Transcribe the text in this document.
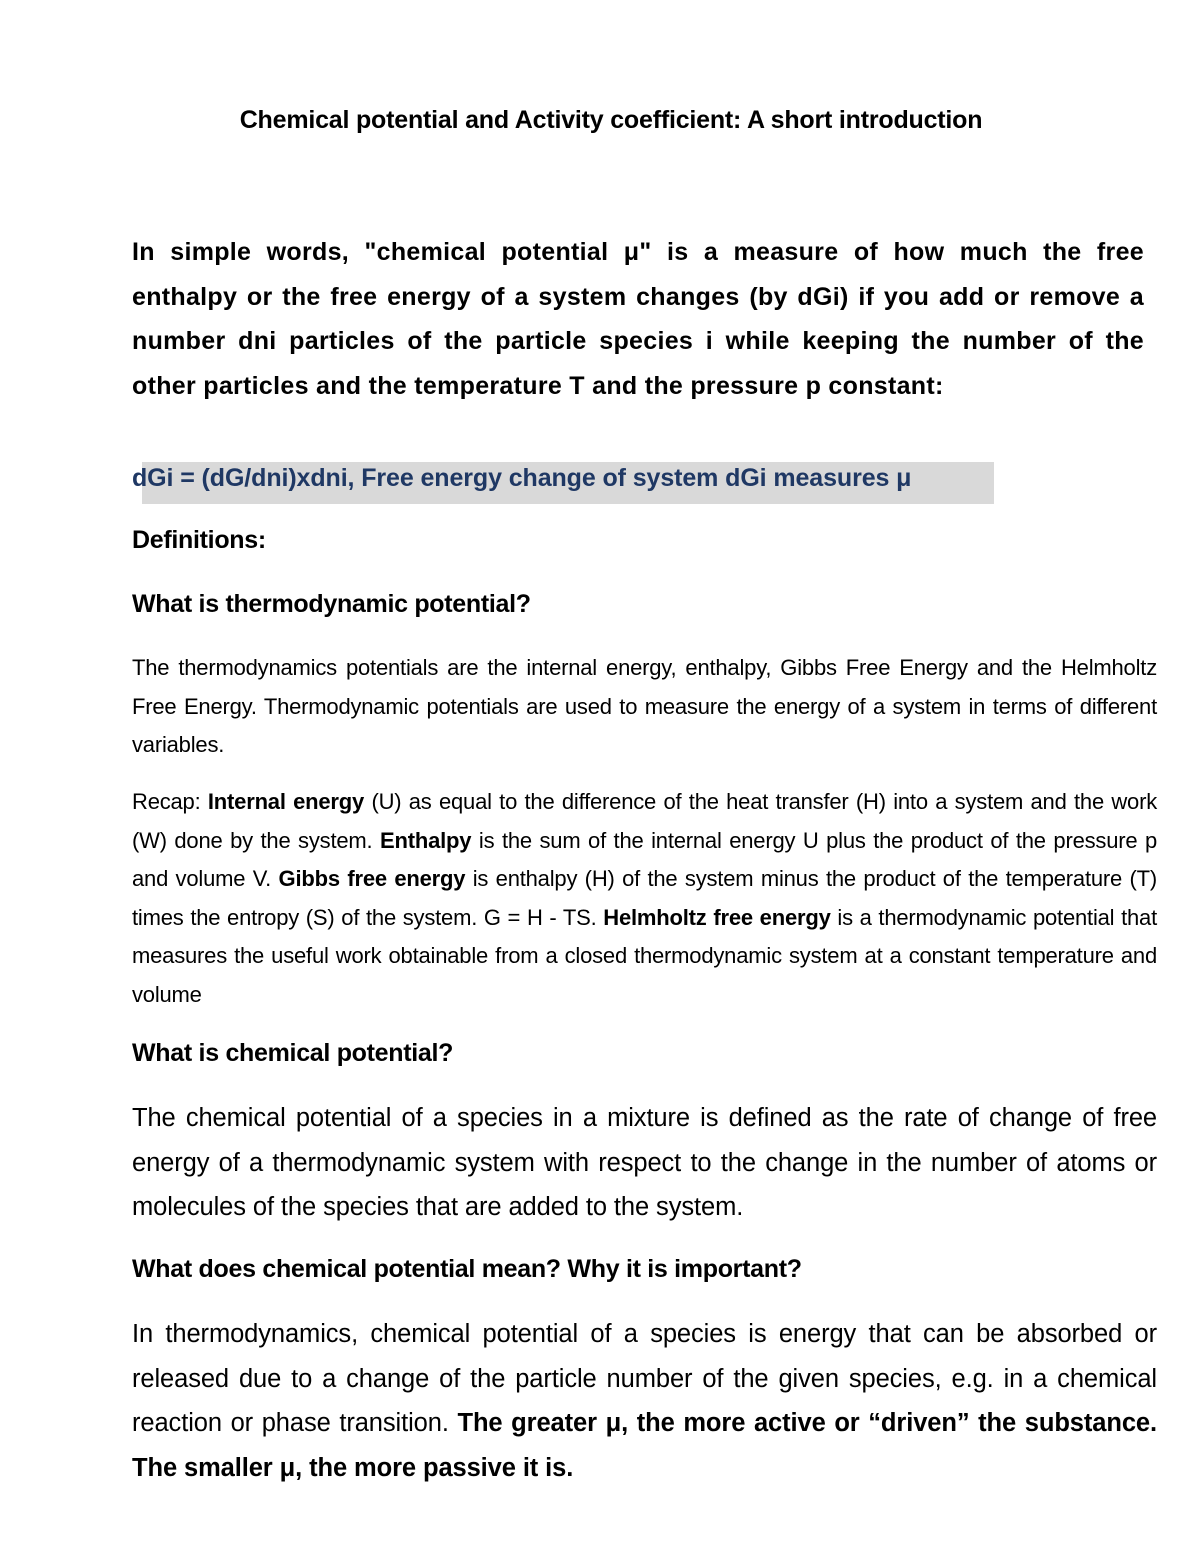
Chemical potential and Activity coefficient: A short introduction
In simple words, "chemical potential μ" is a measure of how much the free enthalpy or the free energy of a system changes (by dGi) if you add or remove a number dni particles of the particle species i while keeping the number of the other particles and the temperature T and the pressure p constant:
dGi = (dG/dni)xdni, Free energy change of system dGi measures μ
Definitions:
What is thermodynamic potential?
The thermodynamics potentials are the internal energy, enthalpy, Gibbs Free Energy and the Helmholtz Free Energy. Thermodynamic potentials are used to measure the energy of a system in terms of different variables.
Recap: Internal energy (U) as equal to the difference of the heat transfer (H) into a system and the work (W) done by the system. Enthalpy is the sum of the internal energy U plus the product of the pressure p and volume V. Gibbs free energy is enthalpy (H) of the system minus the product of the temperature (T) times the entropy (S) of the system. G = H - TS. Helmholtz free energy is a thermodynamic potential that measures the useful work obtainable from a closed thermodynamic system at a constant temperature and volume
What is chemical potential?
The chemical potential of a species in a mixture is defined as the rate of change of free energy of a thermodynamic system with respect to the change in the number of atoms or molecules of the species that are added to the system.
What does chemical potential mean? Why it is important?
In thermodynamics, chemical potential of a species is energy that can be absorbed or released due to a change of the particle number of the given species, e.g. in a chemical reaction or phase transition. The greater μ, the more active or “driven” the substance. The smaller μ, the more passive it is.
